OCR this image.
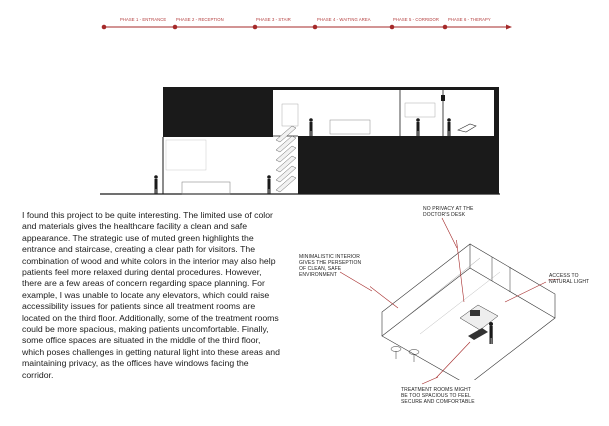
PHASE 1 - ENTRANCE PHASE 2 - RECEPTION	PHASE 3 - STAIR	PHASE 4 - WAITING AREA	PHASE 5 - CORRIDOR PHASE 6 - THERAPY
I found this project to be quite interesting. The limited use of color and materials gives the healthcare facility a clean and safe appearance. The strategic use of muted green highlights the entrance and staircase, creating a clear path for visitors. The combination of wood and white colors in the interior may also help patients feel more relaxed during dental procedures. However, there are a few areas of concern regarding space planning. For example, I was unable to locate any elevators, which could raise accessibility issues for patients since all treatment rooms are located on the third floor. Additionally, some of the treatment rooms could be more spacious, making patients uncomfortable. Finally, some office spaces are situated in the middle of the third floor, which poses challenges in getting natural light into these areas and maintaining privacy, as the offices have windows facing the corridor.
NO PRIVACY AT THE
DOCTOR'S DESK
MINIMALISTIC INTERIOR
GIVES THE PERSEPTION
OF CLEAN, SAFE
ENVIRONMENT	ACCESS TO
NATURAL LIGHT
TREATMENT ROOMS MIGHT
BE TOO SPACIOUS TO FEEL
SECURE AND COMFORTABLE
